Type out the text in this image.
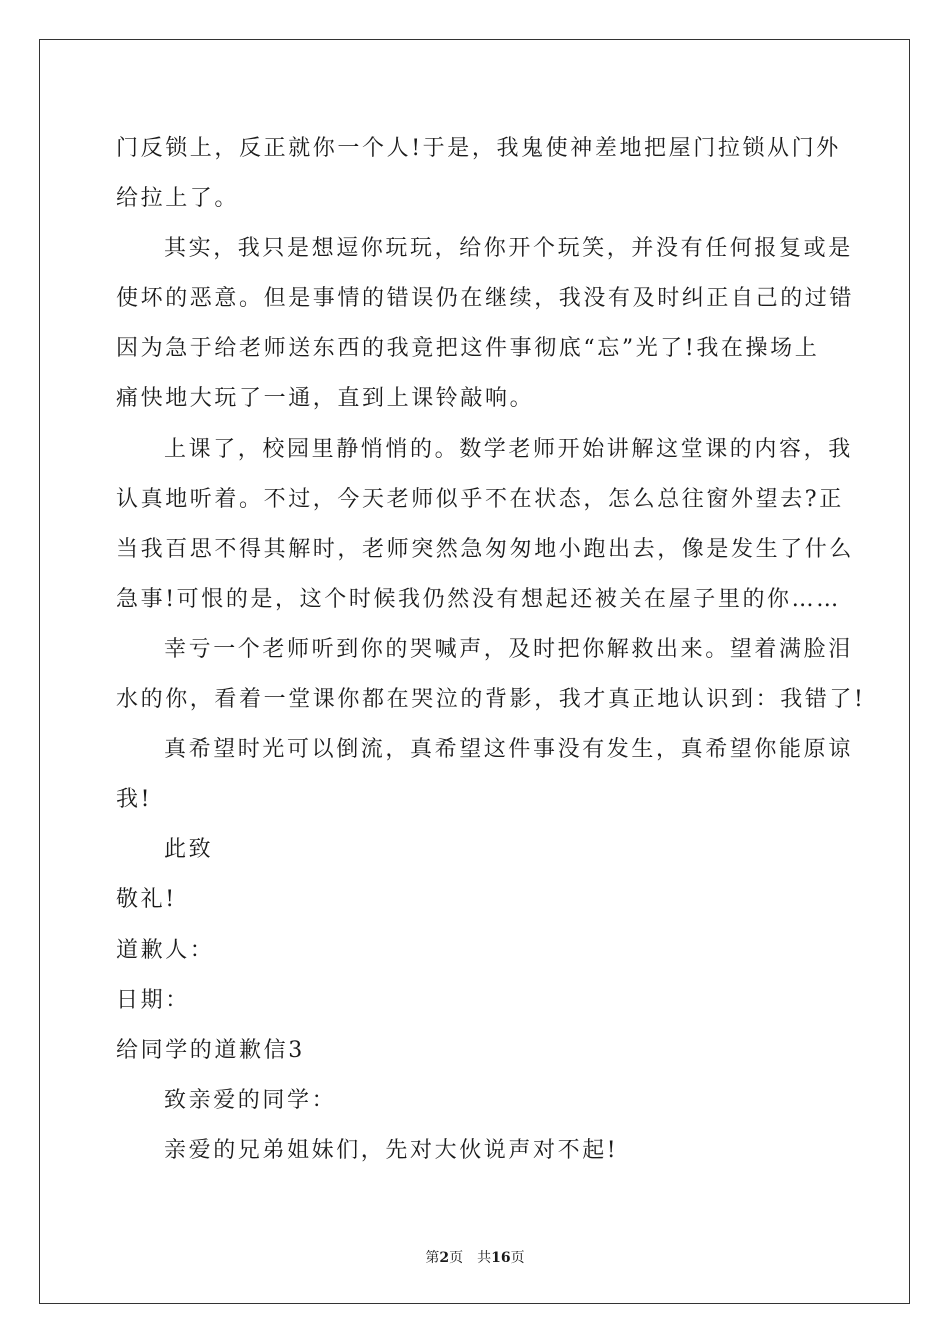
门反锁上，反正就你一个人!于是，我鬼使神差地把屋门拉锁从门外
给拉上了。
其实，我只是想逗你玩玩，给你开个玩笑，并没有任何报复或是
使坏的恶意。但是事情的错误仍在继续，我没有及时纠正自己的过错
因为急于给老师送东西的我竟把这件事彻底“忘”光了!我在操场上
痛快地大玩了一通，直到上课铃敲响。
上课了，校园里静悄悄的。数学老师开始讲解这堂课的内容，我
认真地听着。不过，今天老师似乎不在状态，怎么总往窗外望去?正
当我百思不得其解时，老师突然急匆匆地小跑出去，像是发生了什么
急事!可恨的是，这个时候我仍然没有想起还被关在屋子里的你……
幸亏一个老师听到你的哭喊声，及时把你解救出来。望着满脸泪
水的你，看着一堂课你都在哭泣的背影，我才真正地认识到：我错了!
真希望时光可以倒流，真希望这件事没有发生，真希望你能原谅
我!
此致
敬礼!
道歉人：
日期：
给同学的道歉信3
致亲爱的同学：
亲爱的兄弟姐妹们，先对大伙说声对不起!
第2页 共16页
